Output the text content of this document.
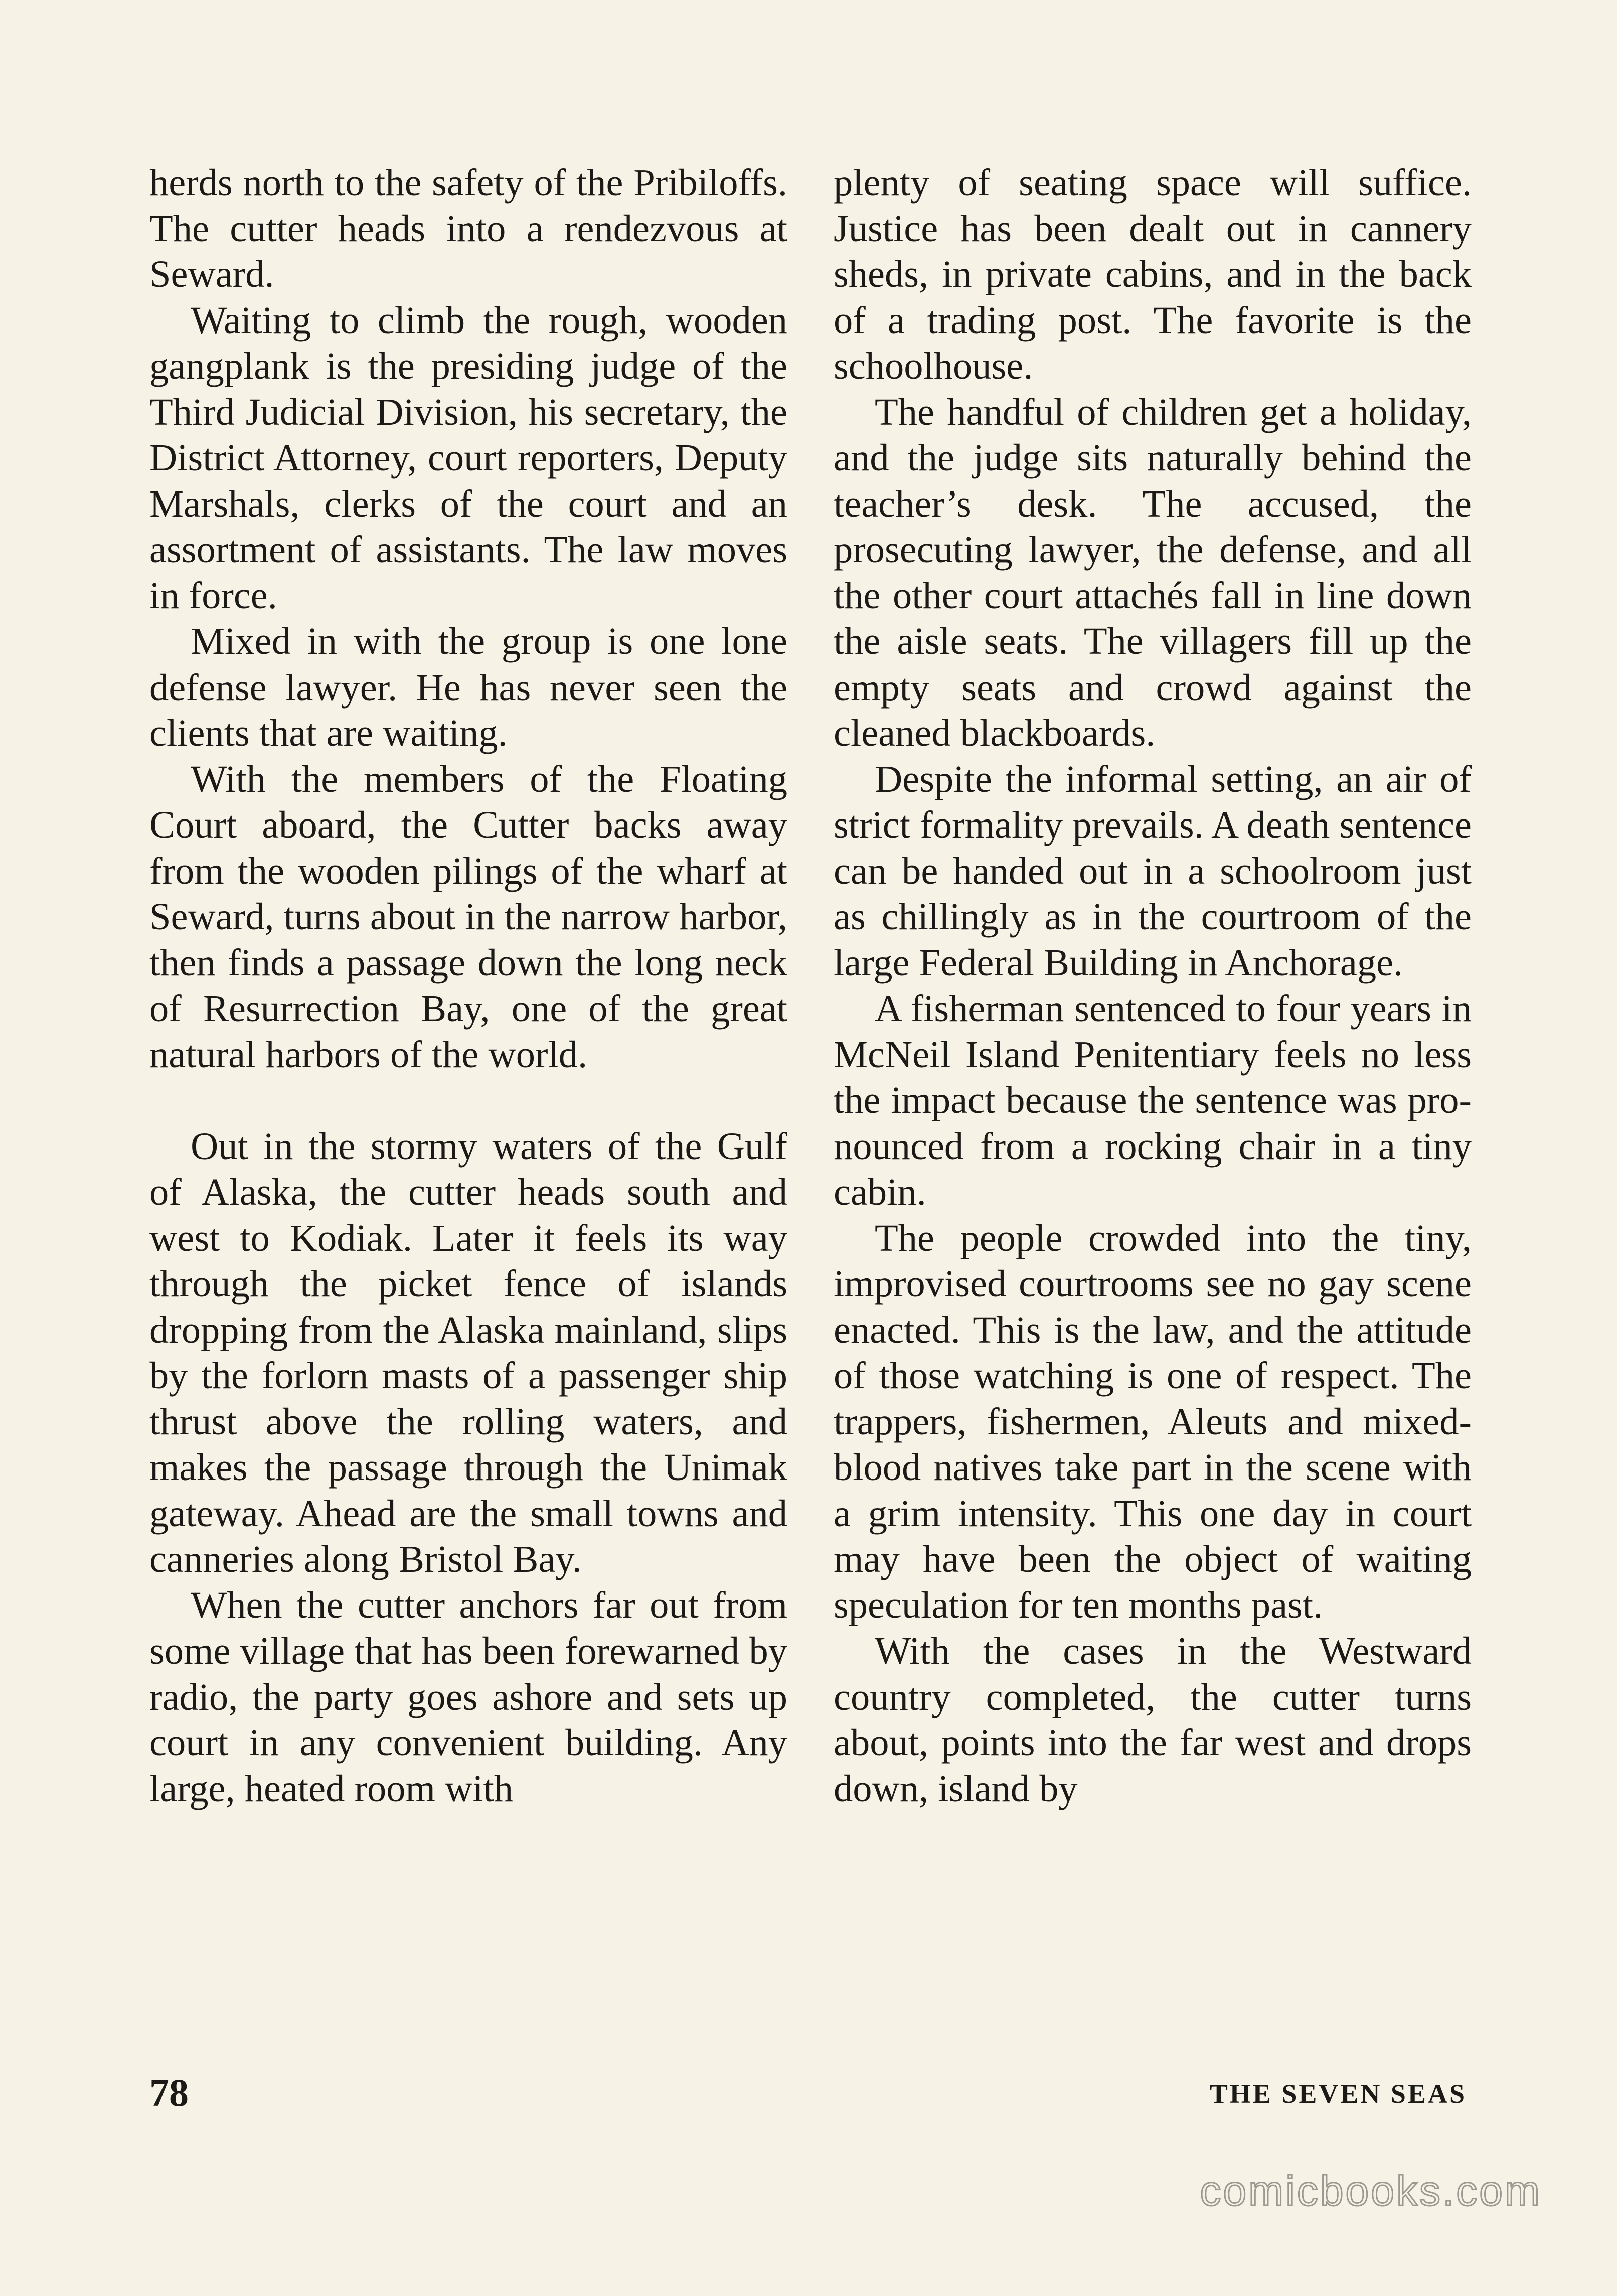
herds north to the safety of the Pribiloffs. The cutter heads into a rendezvous at Seward.

Waiting to climb the rough, wooden gangplank is the presiding judge of the Third Judicial Division, his secretary, the District Attorney, court reporters, Deputy Marshals, clerks of the court and an assortment of assistants. The law moves in force.

Mixed in with the group is one lone defense lawyer. He has never seen the clients that are waiting.

With the members of the Floating Court aboard, the Cutter backs away from the wooden pilings of the wharf at Seward, turns about in the narrow harbor, then finds a passage down the long neck of Resurrection Bay, one of the great natural harbors of the world.

Out in the stormy waters of the Gulf of Alaska, the cutter heads south and west to Kodiak. Later it feels its way through the picket fence of islands dropping from the Alaska mainland, slips by the forlorn masts of a passenger ship thrust above the rolling waters, and makes the passage through the Unimak gateway. Ahead are the small towns and canneries along Bristol Bay.

When the cutter anchors far out from some village that has been forewarned by radio, the party goes ashore and sets up court in any convenient building. Any large, heated room with

plenty of seating space will suffice. Justice has been dealt out in cannery sheds, in private cabins, and in the back of a trading post. The favorite is the schoolhouse.

The handful of children get a holiday, and the judge sits naturally behind the teacher’s desk. The accused, the prosecuting lawyer, the defense, and all the other court attachés fall in line down the aisle seats. The villagers fill up the empty seats and crowd against the cleaned blackboards.

Despite the informal setting, an air of strict formality prevails. A death sentence can be handed out in a schoolroom just as chillingly as in the courtroom of the large Federal Building in Anchorage.

A fisherman sentenced to four years in McNeil Island Penitentiary feels no less the impact because the sentence was pronounced from a rocking chair in a tiny cabin.

The people crowded into the tiny, improvised courtrooms see no gay scene enacted. This is the law, and the attitude of those watching is one of respect. The trappers, fishermen, Aleuts and mixed-blood natives take part in the scene with a grim intensity. This one day in court may have been the object of waiting speculation for ten months past.

With the cases in the Westward country completed, the cutter turns about, points into the far west and drops down, island by

78	THE SEVEN SEAS
comicbooks.com
